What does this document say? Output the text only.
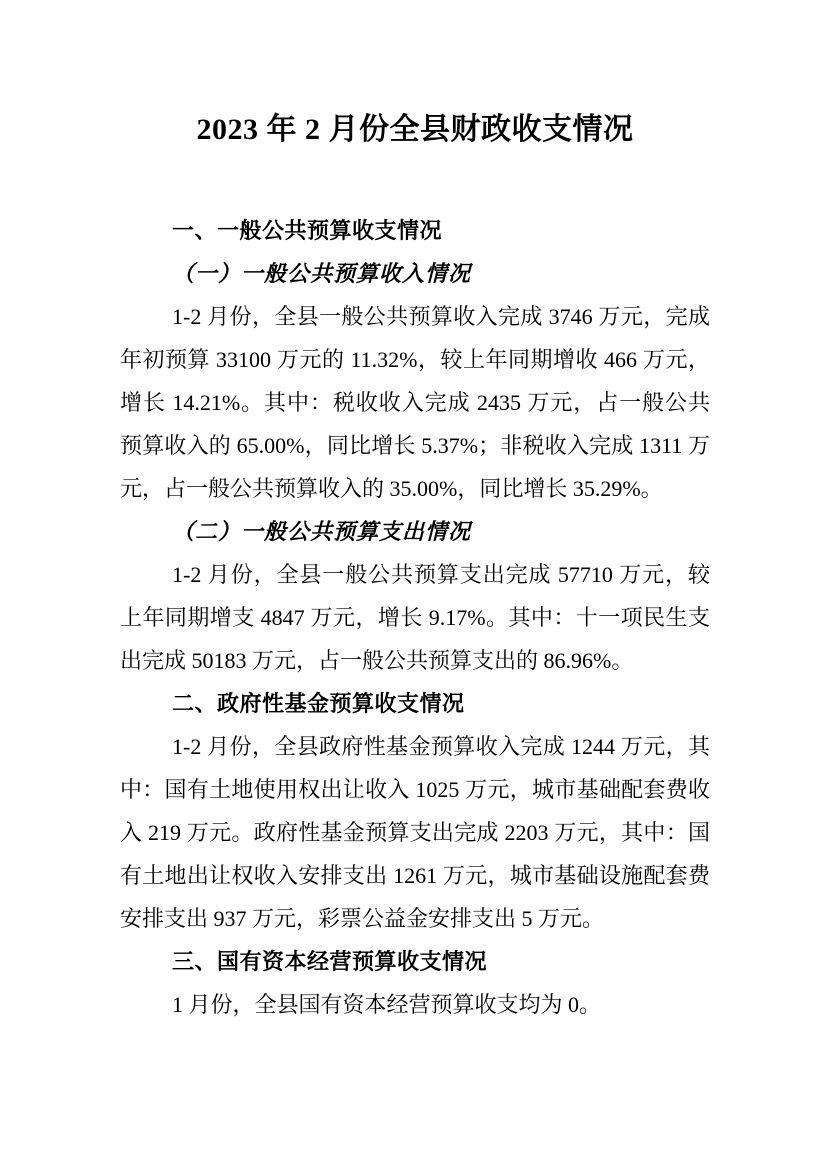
2023 年 2 月份全县财政收支情况
一、一般公共预算收支情况
（一）一般公共预算收入情况

1-2 月份，全县一般公共预算收入完成 3746 万元，完成年初预算 33100 万元的 11.32%，较上年同期增收 466 万元，增长 14.21%。其中：税收收入完成 2435 万元，占一般公共预算收入的 65.00%，同比增长 5.37%；非税收入完成 1311 万元，占一般公共预算收入的 35.00%，同比增长 35.29%。

（二）一般公共预算支出情况

1-2 月份，全县一般公共预算支出完成 57710 万元，较上年同期增支 4847 万元，增长 9.17%。其中：十一项民生支出完成 50183 万元，占一般公共预算支出的 86.96%。

二、政府性基金预算收支情况

1-2 月份，全县政府性基金预算收入完成 1244 万元，其中：国有土地使用权出让收入 1025 万元，城市基础配套费收入 219 万元。政府性基金预算支出完成 2203 万元，其中：国有土地出让权收入安排支出 1261 万元，城市基础设施配套费安排支出 937 万元，彩票公益金安排支出 5 万元。

三、国有资本经营预算收支情况

1 月份，全县国有资本经营预算收支均为 0。
